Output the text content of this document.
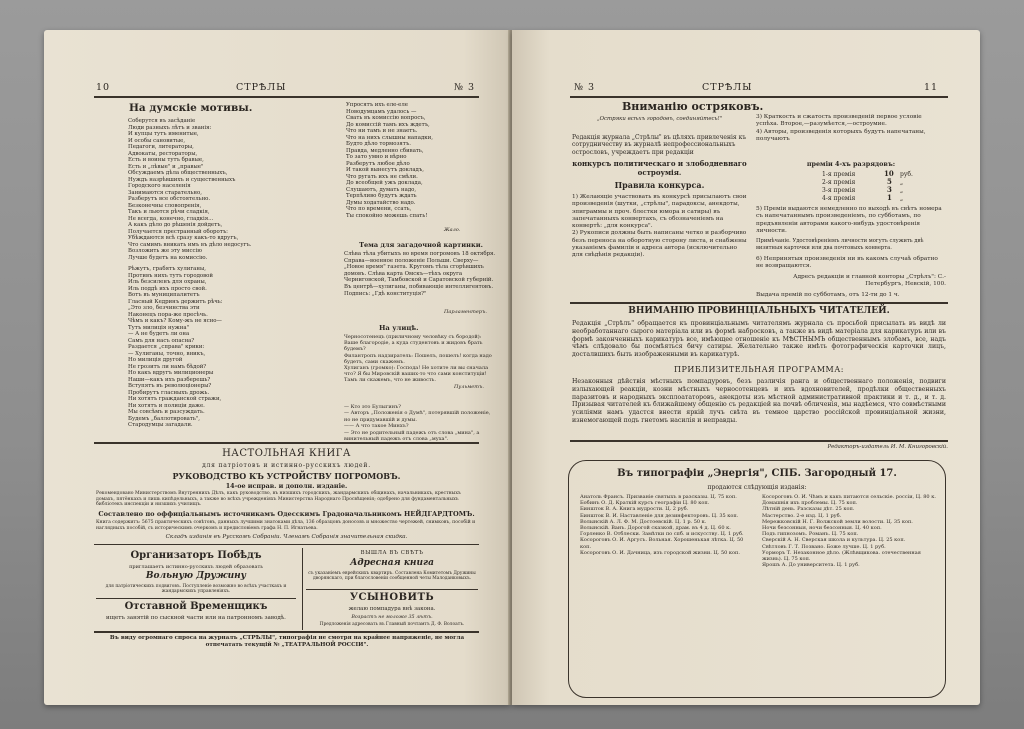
10	СТРѢЛЫ	№ 3
На думскіе мотивы.
Соберутся въ засѣданіе
Люди разныхъ лѣтъ и званія:
И купцы тутъ именитые,
И особы сановитые,
Педагоги, литераторы,
Адвокаты, рестораторы,
Есть и воины тутъ бравые,
Есть и „лѣвые" и „правые"
Обсуждаемъ дѣла общественныхъ,
Нуждъ назрѣвшихъ и существенныхъ
Городского населенія
Занимаются старательно,
Разберутъ все обстоятельно.
Безконечны словопренія,
Такъ и льются рѣчи сладкія,
Не всегда, конечно, гладкія...
А какъ дѣло до рѣшенія дойдетъ,
Получается престранный оборотъ:
Убѣждаются всѣ сразу какъ-то вдругъ,
Что самимъ вникать имъ въ дѣло недосугъ.
Возложить же эту миссію
Лучше будетъ на комиссію.
Рѣжутъ, грабятъ хулиганы,
Противъ нихъ тутъ городовой
Иль безсиленъ для охраны,
Иль поддѣ ихъ просто свой.
Вотъ въ муниципалитетъ
Гласный Кедринъ держитъ рѣчь:
„Это зло, безчинства эти
Наконецъ пора-же пресѣчь.
Чѣмъ и какъ? Кому-жъ не ясно—
Тутъ милиція нужна"
— А не будетъ ли она
Самъ для насъ опасна?
Раздается „справа" крики:
— Хулиганы, точно, вникъ,
Но милиція другой
Не грозитъ ли намъ бѣдой?
Но какъ вдругъ милиционеры
Наши—какъ ихъ разберешь?
Вступятъ въ революціонеры?
Пробирутъ гласныхъ дрожь.
Ни хотятъ гражданской стражи,
Ни хотятъ и полиціи даже.
Мы совсѣмъ и разсуждать.
Будемъ „баллотировать",
Стародумцы загадали.
Упросятъ ихъ еле-еле
Новодумцамъ удалось —
Свать въ комиссію вопросъ,
До комиссій тамъ ихъ ждетъ,
Что ни тамъ и не знаетъ.
Что на нихъ слышны нападки,
Будто дѣло тормозятъ.
Правда, медленно сбивать,
То зато умно и вѣрно
Разберутъ любое дѣло
И такой вынесутъ докладъ,
Что ругать ихъ не смѣли.
До всеобщей ужъ доклада,
Слушаютъ, думать надо,
Терпѣливо будутъ ждать
Думы ходатайство надо.
Что по времени, ссать,
Ты спокойно можешь спать!
Жало.
Тема для загадочной картинки.
Слѣва тѣла убитыхъ во время погромовъ 18 октября. Справа—военное положеніе Польши. Сверху—„Новое время" газета. Кругомъ тѣла сгорѣвшихъ домовъ. Слѣва карта Омскъ—тѣхъ округа Черниговской, Тамбовской и Саратовской губерній. Въ центрѣ—хулиганы, побивающіе интеллигентовъ. Подпись: „Гдѣ конституція?"
Парламентеръ.
На улицѣ.
Черносотенецъ (приличному человѣку съ бородой): Ваше благородіе, а куда студентовъ и жидовъ брать будемъ?
Филантропъ надзиратель: Пошелъ, пошелъ! когда надо будетъ, сами скажемъ.
Хулиганъ (громко): Господа! Не хотите ли вы сначала что? Я бы Мировскій ваших-то что сами конституціи! Тамъ ли скажемъ, что не живость.
Пульметъ.
— Кто это Булыгинъ?
— Авторъ „Положенія о Думѣ", потерявшій положеніе, но не придумавшій и думы.
—— А что такое Минхъ?
— Это не родительный падежъ отъ слова „мина", а винительный падежъ отъ слова „муха".
НАСТОЛЬНАЯ КНИГА
для патріотовъ и истинно-русскихъ людей.
РУКОВОДСТВО КЪ УСТРОЙСТВУ ПОГРОМОВЪ.
14-ое исправ. и дополн. изданіе.
Рекомендовано Министерствомъ Внутреннихъ Дѣлъ, какъ руководство, въ низшихъ городскихъ, жандармскихъ общинахъ, начальникахъ, крестныхъ домахъ, пятёнкахъ и лишь кипѣдельныхъ, а также во всѣхъ учрежденіяхъ Министерства Народнаго Просвѣщенія; одобрено для фундаментальныхъ библіотекъ инспекціи и низшихъ училищъ.
Составлено по оффиціальнымъ источникамъ Одесскимъ Градоначальникомъ НЕЙДГАРДТОМЪ.
Книга содержитъ: 5675 практическихъ совѣтовъ, данныхъ лучшими знатоками дѣла, 136 образцовъ доносовъ и множество чертежей, снимковъ, пособій и наглядныхъ пособій, съ историческимъ очеркомъ и предисловіемъ графа Н. П. Игнатьева.
Складъ изданія въ Русскомъ Собраніи. Членамъ Собранія значительная скидка.
Организаторъ Побѣдъ
приглашаетъ истинно-русскихъ людей образовать
Вольную Дружину
для патріотическихъ подвиговъ. Поступленіе возможно во всѣхъ участкахъ и жандармскихъ управленіяхъ.
Отставной Временщикъ
ищетъ занятій по сыскной части или на патронномъ заводѣ.
ВЫШЛА ВЪ СВѢТЪ
Адресная книга
съ указаніемъ еврейскихъ квартиръ. Составлена Комитетомъ Дружины дворянскаго, при благословеніи сообщенной четы Малоданковыхъ.
УСЫНОВИТЬ
желаю помпадура внѣ закона.
Возрастъ не моложе 35 лѣтъ.
Предложенія адресовать въ Главный почтамтъ Д. Ф. Волоатъ.
Въ виду огромнаго спроса на журналъ „СТРѢЛЫ", типографія не смотря на крайнее напряженіе, не могла отпечатать текущій № „ТЕАТРАЛЬНОЙ РОССІИ".
№ 3	СТРѢЛЫ	11
Вниманію остряковъ.
„Остряки всѣхъ городовъ, соединяйтесь!"
Редакція журнала „Стрѣлы" въ цѣляхъ привлеченія къ сотрудничеству въ журналѣ непрофессиональныхъ острословъ, учреждаетъ при редакціи
конкурсъ политическаго и злободневнаго остроумія.
Правила конкурса.
1) Желающіе участвовать въ конкурсѣ присылаютъ свои произведенія (шутки, „стрѣлы", парадоксы, анекдоты, эпиграммы и проч. блестки юмора и сатиры) въ запечатанныхъ конвертахъ, съ обозначеніемъ на конвертѣ: „для конкурса".
2) Рукописи должны быть написаны четко и разборчиво безъ переноса на оборотную сторону листа, и снабжены указаніемъ фамиліи и адреса автора (исключительно для свѣдѣнія редакціи).
3) Краткость и сжатость произведеній первое условіе успѣха. Второе,—разумѣется,—остроумие.
4) Авторы, произведенія которыхъ будутъ напечатаны, получаютъ
преміи 4-хъ разрядовъ:
1-я премія	10 руб.
2-я премія	5 „
3-я премія	3 „
4-я премія	1 „
5) Преміи выдаются немедленно по выходѣ въ свѣтъ номера съ напечатаннымъ произведеніемъ, по субботамъ, по предъявленіи авторами какого-нибудь удостовѣренія личности.
Примѣчаніе. Удостовѣреніемъ личности могутъ служить двѣ визитныя карточки или два почтовыхъ конверта.
6) Непринятыя произведенія ни въ какомъ случаѣ обратно не возвращаются.
Адресъ редакціи и главной конторы „Стрѣлъ": С.-Петербургъ, Невскій, 100.
Выдача премій по субботамъ, отъ 12-ти до 1 ч.
ВНИМАНІЮ ПРОВИНЦІАЛЬНЫХЪ ЧИТАТЕЛЕЙ.
Редакція „Стрѣлъ" обращается къ провинціальнымъ читателямъ журнала съ просьбой присылать въ видѣ ли необработаннаго сырого матеріала или въ формѣ набросковъ, а также въ видѣ матеріала для карикатуръ или въ формѣ законченныхъ карикатуръ все, имѣющее отношеніе къ МѢСТНЫМЪ общественнымъ злобамъ, все, надъ чѣмъ слѣдовало бы посмѣяться бичу сатиры. Желательно также имѣть фотографическія карточки лицъ, досталвшихъ быть изображенными въ карикатурѣ.
ПРИБЛИЗИТЕЛЬНАЯ ПРОГРАММА:
Незаконныя дѣйствія мѣстныхъ помпадуровъ, безъ различія ранга и общественнаго положенія, подвиги излыхающей реакціи, козни мѣстныхъ черносотенцевъ и ихъ вдохновителей, продѣлки общественныхъ паразитовъ и народныхъ эксплоататоровъ, анекдоты изъ мѣстной административной практики и т. д., и т. д. Призывая читателей къ ближайшему общенію съ редакціей на почвѣ обличенія, мы надѣемся, что совмѣстными усиліями намъ удастся внести яркій лучъ свѣта въ темное царство россійской провинціальной жизни, изнемогающей подъ гнетомъ насилія и неправды.
Редакторъ-издатель И. М. Книгоровскій.
Въ типографіи „Энергія", СПБ. Загородный 17.
продаются слѣдующія изданія:
Анатоль Франсъ. Призваніе святыхъ в разсказы. Ц. 75 коп.
Бобинъ О. Д. Краткій курсъ географіи Ц. 80 коп.
Биншток В. А. Книга мудрости. Ц. 2 руб.
Биншток В. И. Наставленіе для дезинфекторовъ. Ц. 35 коп.
Волынскій А. Л. Ф. М. Достоевскій. Ц. 1 р. 50 к.
Волынскій. Ванъ. Дорогой сказкой, драм. въ 4 д. Ц. 60 к.
Горленко В. Отблески. Замѣтки по спб. и искусству. Ц. 1 руб.
Косороговъ О. И. Аргусъ. Вольная. Хорошенькая лѣтка. Ц. 50 коп.
Косороговъ О. И. Дачница, изъ городской жизни. Ц. 50 коп.
Косороговъ О. И. Чѣмъ и какъ питаются сельскіе. россіи, Ц. 80 к.
Домашнія ихъ проблемы. Ц. 75 коп.
Лѣтній день. Разсказы дѣт. 25 коп.
Мастерство. 2-е изд. Ц. 1 руб.
Мережковскій Н. Г. Волжской земли волости. Ц. 35 коп.
Ночи безсонныя, ночи безсонныя. Ц. 40 коп.
Подъ гипнозомъ. Романъ. Ц. 75 коп.
Сверскій А. Н. Сверская школа и культура. Ц. 25 коп.
Свѣтловъ Г. Т. Позвано. Боже лучше. Ц. 1 руб.
Уорморъ Т. Незаконное дѣло. (Жлѣвщикова. отечественная жизнь). Ц. 75 коп.
Ярошъ А. До университета. Ц. 1 руб.
